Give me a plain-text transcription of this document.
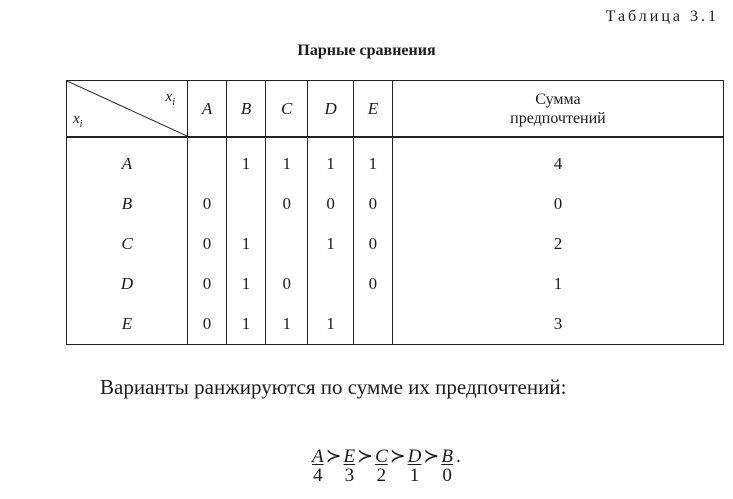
Таблица 3.1
Парные сравнения
$x_i$
$x_i$	A	B	C	D	E	Сумма
предпочтений
A		1	1	1	1	4
B	0		0	0	0	0
C	0	1		1	0	2
D	0	1	0		0	1
E	0	1	1	1		3
Варианты ранжируются по сумме их предпочтений:
A
4
≻ E
3
≻ C
2
≻ D
1
≻ B
0
.
